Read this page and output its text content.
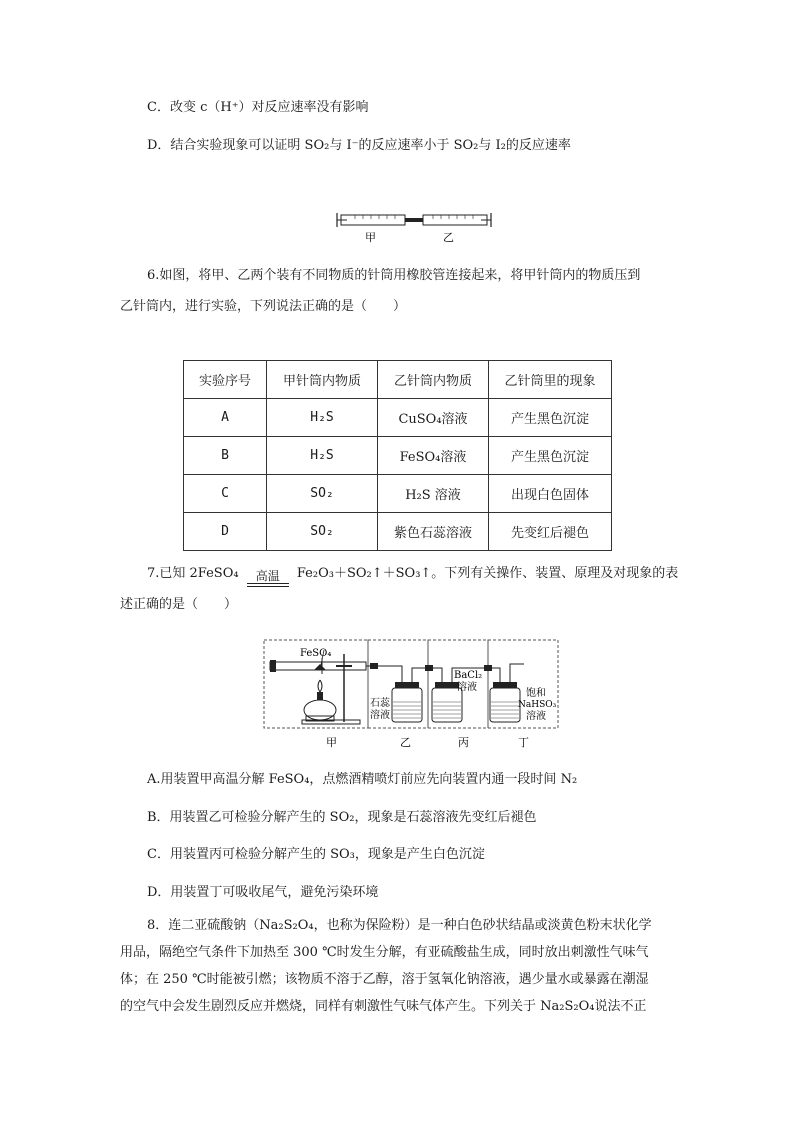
C．改变 c（H⁺）对反应速率没有影响
D．结合实验现象可以证明 SO₂与 I⁻的反应速率小于 SO₂与 I₂的反应速率
甲	乙
6.如图，将甲、乙两个装有不同物质的针筒用橡胶管连接起来，将甲针筒内的物质压到
乙针筒内，进行实验，下列说法正确的是（　　）
实验序号	甲针筒内物质	乙针筒内物质	乙针筒里的现象
A	H₂S	CuSO₄溶液	产生黑色沉淀
B	H₂S	FeSO₄溶液	产生黑色沉淀
C	SO₂	H₂S 溶液	出现白色固体
D	SO₂	紫色石蕊溶液	先变红后褪色
7.已知 2FeSO₄	高温	Fe₂O₃＋SO₂↑＋SO₃↑。下列有关操作、装置、原理及对现象的表
述正确的是（　　）
FeSO₄
石蕊
溶液
BaCl₂
溶液
饱和
NaHSO₃
溶液
甲	乙	丙	丁
A.用装置甲高温分解 FeSO₄，点燃酒精喷灯前应先向装置内通一段时间 N₂
B．用装置乙可检验分解产生的 SO₂，现象是石蕊溶液先变红后褪色
C．用装置丙可检验分解产生的 SO₃，现象是产生白色沉淀
D．用装置丁可吸收尾气，避免污染环境
8．连二亚硫酸钠（Na₂S₂O₄，也称为保险粉）是一种白色砂状结晶或淡黄色粉末状化学
用品，隔绝空气条件下加热至 300 ℃时发生分解，有亚硫酸盐生成，同时放出刺激性气味气
体；在 250 ℃时能被引燃；该物质不溶于乙醇，溶于氢氧化钠溶液，遇少量水或暴露在潮湿
的空气中会发生剧烈反应并燃烧，同样有刺激性气味气体产生。下列关于 Na₂S₂O₄说法不正
